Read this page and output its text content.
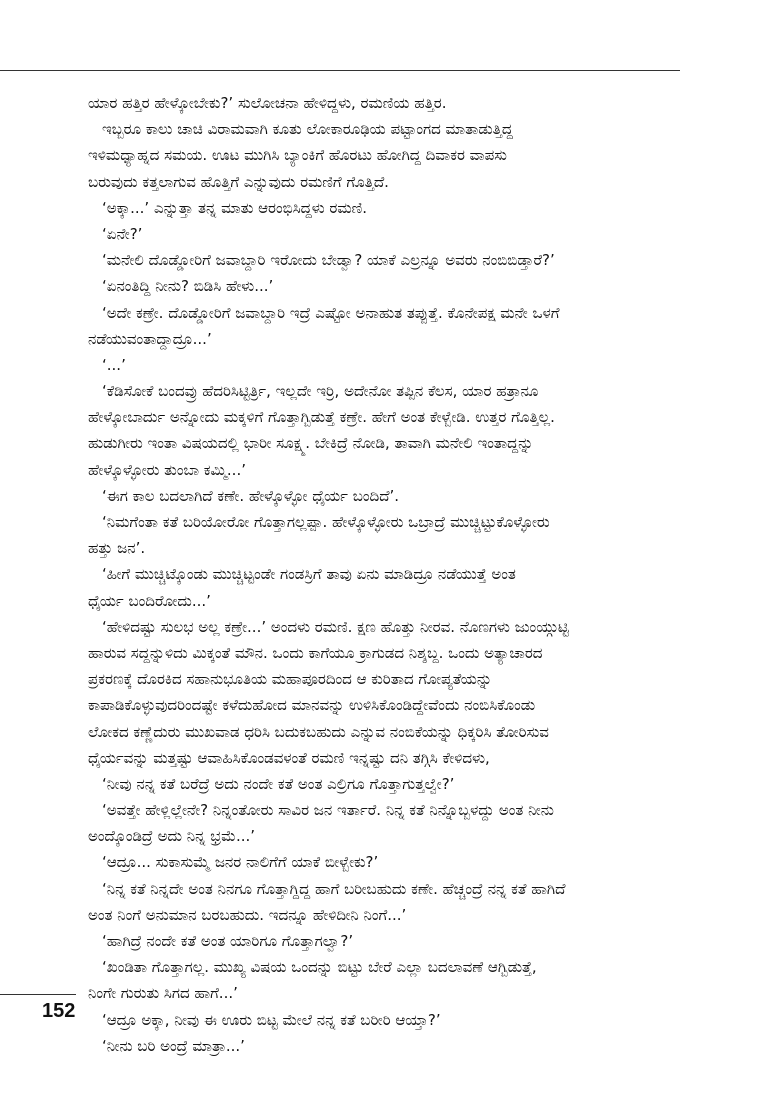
ಯಾರ ಹತ್ತಿರ ಹೇಳ್ಕೋಬೇಕು?’ ಸುಲೋಚನಾ ಹೇಳಿದ್ದಳು, ರಮಣಿಯ ಹತ್ತಿರ.
ಇಬ್ಬರೂ ಕಾಲು ಚಾಚಿ ವಿರಾಮವಾಗಿ ಕೂತು ಲೋಕಾರೂಢಿಯ ಪಟ್ಟಾಂಗದ ಮಾತಾಡುತ್ತಿದ್ದ
ಇಳಿಮಧ್ಯಾಹ್ನದ ಸಮಯ. ಊಟ ಮುಗಿಸಿ ಬ್ಯಾಂಕಿಗೆ ಹೊರಟು ಹೋಗಿದ್ದ ದಿವಾಕರ ವಾಪಸು
ಬರುವುದು ಕತ್ತಲಾಗುವ ಹೊತ್ತಿಗೆ ಎನ್ನುವುದು ರಮಣಿಗೆ ಗೊತ್ತಿದೆ.
‘ಅಕ್ಕಾ...’ ಎನ್ನುತ್ತಾ ತನ್ನ ಮಾತು ಆರಂಭಿಸಿದ್ದಳು ರಮಣಿ.
‘ಏನೇ?’
‘ಮನೇಲಿ ದೊಡ್ಡೋರಿಗೆ ಜವಾಬ್ದಾರಿ ಇರೋದು ಬೇಡ್ವಾ? ಯಾಕೆ ಎಲ್ರನ್ನೂ ಅವರು ನಂಬಿಬಿಡ್ತಾರೆ?’
‘ಏನಂತಿದ್ದಿ ನೀನು? ಬಿಡಿಸಿ ಹೇಳು...’
‘ಅದೇ ಕಣ್ರೇ. ದೊಡ್ಡೋರಿಗೆ ಜವಾಬ್ದಾರಿ ಇದ್ರೆ ಎಷ್ಟೋ ಅನಾಹುತ ತಪ್ಪುತ್ತೆ. ಕೊನೇಪಕ್ಷ ಮನೇ ಒಳಗೆ
ನಡೆಯುವಂತಾದ್ದಾದ್ರೂ...’
‘...’
‘ಕೆಡಿಸೋಕೆ ಬಂದವ್ರು ಹೆದರಿಸಿಟ್ಟಿರ್ತ್ರಿ, ಇಲ್ಲದೇ ಇರ್ರಿ, ಅದೇನೋ ತಪ್ಪಿನ ಕೆಲಸ, ಯಾರ ಹತ್ರಾನೂ
ಹೇಳ್ಕೋಬಾರ್ದು ಅನ್ನೋದು ಮಕ್ಕಳಿಗೆ ಗೊತ್ತಾಗ್ಬಿಡುತ್ತೆ ಕಣ್ರೇ. ಹೇಗೆ ಅಂತ ಕೇಳ್ಬೇಡಿ. ಉತ್ತರ ಗೊತ್ತಿಲ್ಲ.
ಹುಡುಗೀರು ಇಂತಾ ವಿಷಯದಲ್ಲಿ ಭಾರೀ ಸೂಕ್ಷ್ಮ. ಬೇಕಿದ್ರೆ ನೋಡಿ, ತಾವಾಗಿ ಮನೇಲಿ ಇಂತಾದ್ದನ್ನು
ಹೇಳ್ಕೊಳ್ಳೋರು ತುಂಬಾ ಕಮ್ಮಿ...’
‘ಈಗ ಕಾಲ ಬದಲಾಗಿದೆ ಕಣೇ. ಹೇಳ್ಕೊಳ್ಳೋ ಧೈರ್ಯ ಬಂದಿದೆ’.
‘ನಿಮಗೆಂತಾ ಕತೆ ಬರಿಯೋರೋ ಗೊತ್ತಾಗಲ್ಲಪ್ಪಾ. ಹೇಳ್ಕೊಳ್ಳೋರು ಒಬ್ರಾದ್ರೆ ಮುಚ್ಚಿಟ್ಟುಕೊಳ್ಳೋರು
ಹತ್ತು ಜನ’.
‘ಹೀಗೆ ಮುಚ್ಚಿಟ್ಕೊಂಡು ಮುಚ್ಚಿಟ್ಟಂಡೇ ಗಂಡಸ್ರಿಗೆ ತಾವು ಏನು ಮಾಡಿದ್ರೂ ನಡೆಯುತ್ತೆ ಅಂತ
ಧೈರ್ಯ ಬಂದಿರೋದು...’
‘ಹೇಳಿದಷ್ಟು ಸುಲಭ ಅಲ್ಲ ಕಣ್ರೇ...’ ಅಂದಳು ರಮಣಿ. ಕ್ಷಣ ಹೊತ್ತು ನೀರವ. ನೊಣಗಳು ಜುಂಯ್ಗುಟ್ಟಿ
ಹಾರುವ ಸದ್ದನ್ನುಳಿದು ಮಿಕ್ಕಂತೆ ಮೌನ. ಒಂದು ಕಾಗೆಯೂ ಕ್ರಾಗುಡದ ನಿಶ್ಶಬ್ದ. ಒಂದು ಅತ್ಯಾಚಾರದ
ಪ್ರಕರಣಕ್ಕೆ ದೊರಕಿದ ಸಹಾನುಭೂತಿಯ ಮಹಾಪೂರದಿಂದ ಆ ಕುರಿತಾದ ಗೋಪ್ಯತೆಯನ್ನು
ಕಾಪಾಡಿಕೊಳ್ಳುವುದರಿಂದಷ್ಟೇ ಕಳೆದುಹೋದ ಮಾನವನ್ನು ಉಳಿಸಿಕೊಂಡಿದ್ದೇವೆಂದು ನಂಬಿಸಿಕೊಂಡು
ಲೋಕದ ಕಣ್ಣೆದುರು ಮುಖವಾಡ ಧರಿಸಿ ಬದುಕಬಹುದು ಎನ್ನುವ ನಂಬಿಕೆಯನ್ನು ಧಿಕ್ಕರಿಸಿ ತೋರಿಸುವ
ಧೈರ್ಯವನ್ನು ಮತ್ತಷ್ಟು ಆವಾಹಿಸಿಕೊಂಡವಳಂತೆ ರಮಣಿ ಇನ್ನಷ್ಟು ದನಿ ತಗ್ಗಿಸಿ ಕೇಳಿದಳು,
‘ನೀವು ನನ್ನ ಕತೆ ಬರೆದ್ರೆ ಅದು ನಂದೇ ಕತೆ ಅಂತ ಎಲ್ರಿಗೂ ಗೊತ್ತಾಗುತ್ತಲ್ವೇ?’
‘ಅವತ್ತೇ ಹೇಳ್ಲಿಲ್ಲೇನೇ? ನಿನ್ನಂತೋರು ಸಾವಿರ ಜನ ಇರ್ತಾರೆ. ನಿನ್ನ ಕತೆ ನಿನ್ನೊಬ್ಬಳದ್ದು ಅಂತ ನೀನು
ಅಂದ್ಕೊಂಡಿದ್ರೆ ಅದು ನಿನ್ನ ಭ್ರಮೆ...’
‘ಆದ್ರೂ... ಸುಕಾಸುಮ್ಮೆ ಜನರ ನಾಲಿಗೆಗೆ ಯಾಕೆ ಬೀಳ್ಬೇಕು?’
‘ನಿನ್ನ ಕತೆ ನಿನ್ನದೇ ಅಂತ ನಿನಗೂ ಗೊತ್ತಾಗ್ದಿದ್ದ ಹಾಗೆ ಬರೀಬಹುದು ಕಣೇ. ಹೆಚ್ಚಂದ್ರೆ ನನ್ನ ಕತೆ ಹಾಗಿದೆ
ಅಂತ ನಿಂಗೆ ಅನುಮಾನ ಬರಬಹುದು. ಇದನ್ನೂ ಹೇಳಿದೀನಿ ನಿಂಗೆ...’
‘ಹಾಗಿದ್ರೆ ನಂದೇ ಕತೆ ಅಂತ ಯಾರಿಗೂ ಗೊತ್ತಾಗಲ್ವಾ?’
‘ಖಂಡಿತಾ ಗೊತ್ತಾಗಲ್ಲ. ಮುಖ್ಯ ವಿಷಯ ಒಂದನ್ನು ಬಿಟ್ಟು ಬೇರೆ ಎಲ್ಲಾ ಬದಲಾವಣೆ ಆಗ್ಬಿಡುತ್ತೆ,
ನಿಂಗೇ ಗುರುತು ಸಿಗದ ಹಾಗೆ...’
‘ಆದ್ರೂ ಅಕ್ಕಾ, ನೀವು ಈ ಊರು ಬಿಟ್ಟ ಮೇಲೆ ನನ್ನ ಕತೆ ಬರೀರಿ ಆಯ್ತಾ?’
‘ನೀನು ಬರಿ ಅಂದ್ರೆ ಮಾತ್ರಾ...’
152
